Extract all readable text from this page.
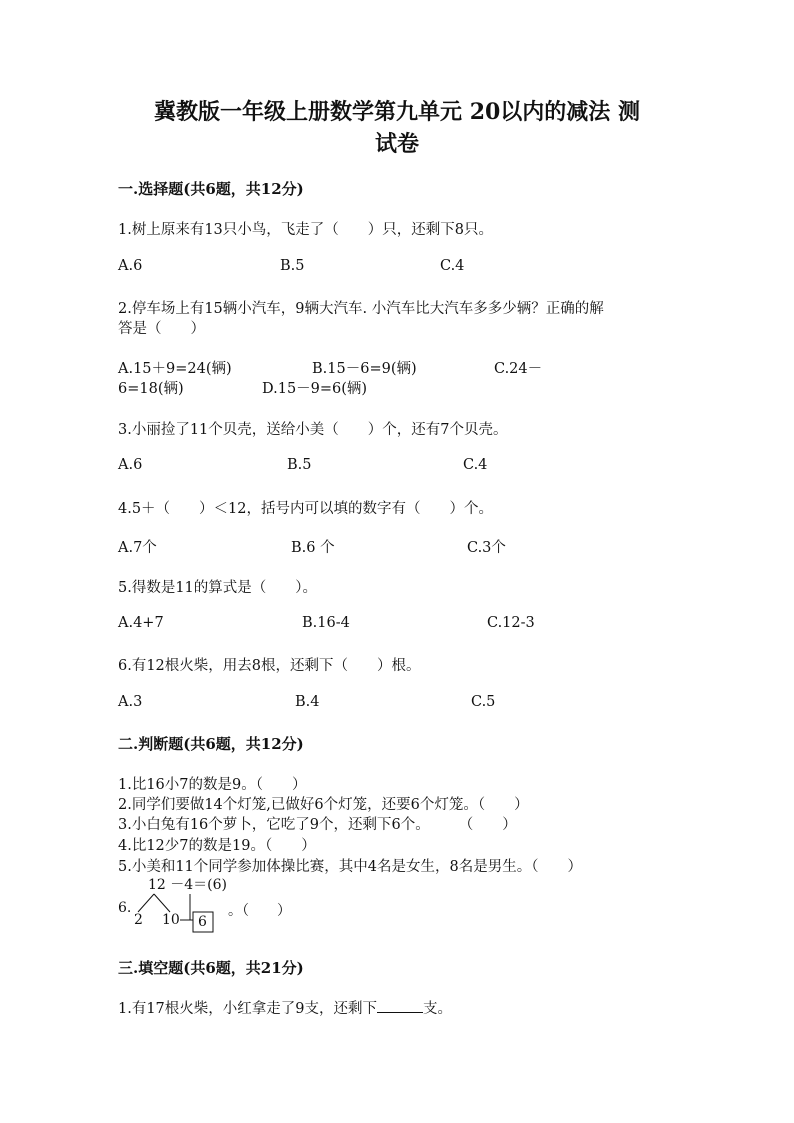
冀教版一年级上册数学第九单元 20以内的减法 测
试卷
一.选择题(共6题，共12分)
1.树上原来有13只小鸟，飞走了（　　）只，还剩下8只。
A.6	B.5	C.4
2.停车场上有15辆小汽车，9辆大汽车. 小汽车比大汽车多多少辆？正确的解
答是（　　）
A.15＋9=24(辆)	B.15－6=9(辆)	C.24－
6=18(辆)	D.15－9=6(辆)
3.小丽捡了11个贝壳，送给小美（　　）个，还有7个贝壳。
A.6	B.5	C.4
4.5＋（　　）＜12，括号内可以填的数字有（　　）个。
A.7个	B.6 个	C.3个
5.得数是11的算式是（　　）。
A.4+7	B.16-4	C.12-3
6.有12根火柴，用去8根，还剩下（　　）根。
A.3	B.4	C.5
二.判断题(共6题，共12分)
1.比16小7的数是9。（　　）
2.同学们要做14个灯笼,已做好6个灯笼，还要6个灯笼。（　　）
3.小白兔有16个萝卜，它吃了9个，还剩下6个。　　　（　　）
4.比12少7的数是19。（　　）
5.小美和11个同学参加体操比赛，其中4名是女生，8名是男生。（　　）
12 －4＝(6)
6.
2 10 6
。（　　）
三.填空题(共6题，共21分)
1.有17根火柴，小红拿走了9支，还剩下	支。
